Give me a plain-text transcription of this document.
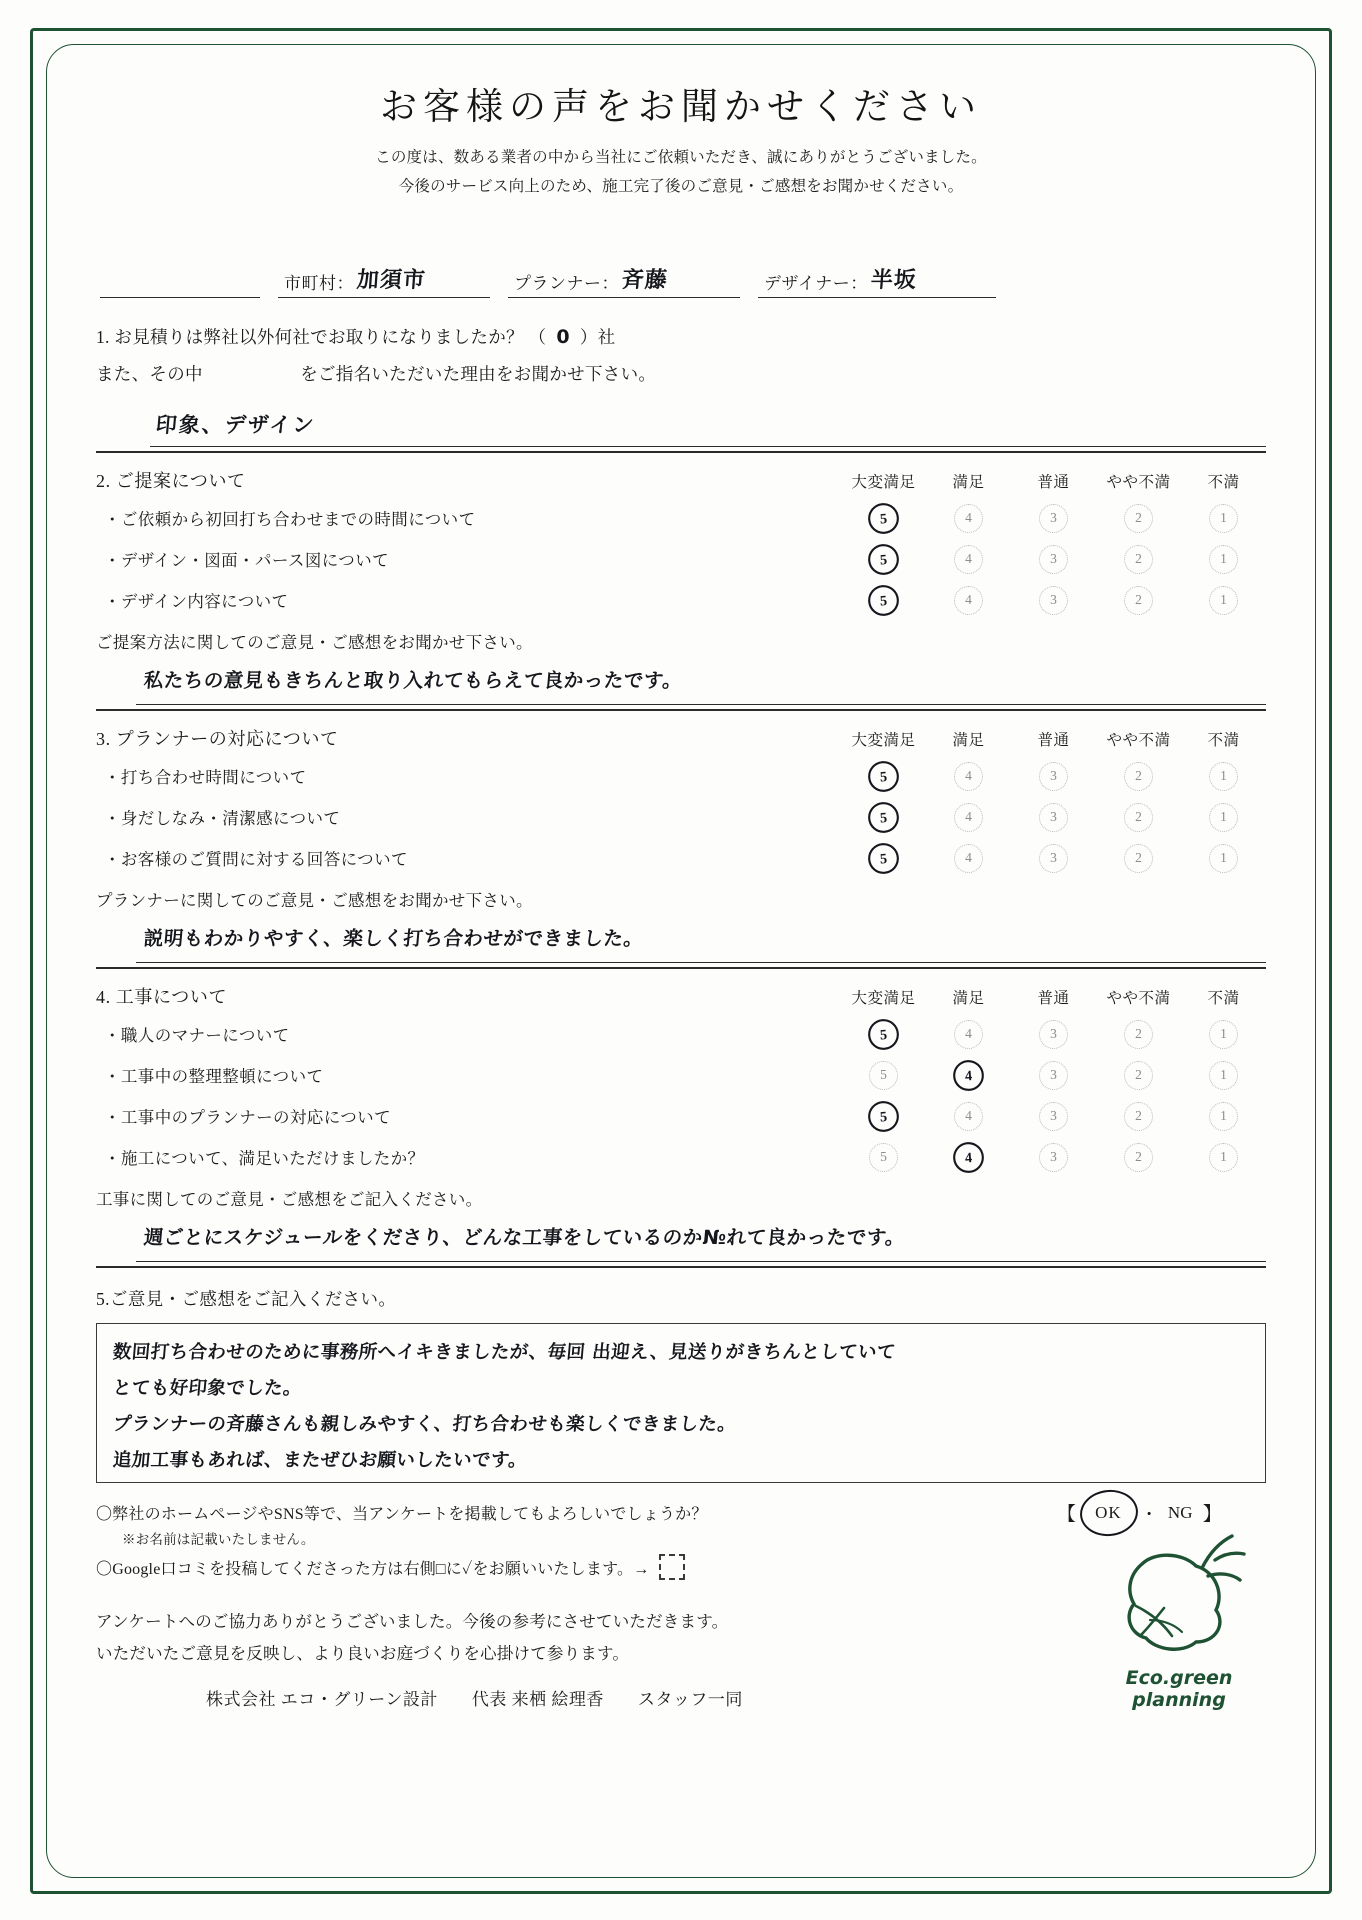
お客様の声をお聞かせください
この度は、数ある業者の中から当社にご依頼いただき、誠にありがとうございました。
今後のサービス向上のため、施工完了後のご意見・ご感想をお聞かせください。
市町村： 加須市	プランナー： 斉藤	デザイナー： 半坂
1. お見積りは弊社以外何社でお取りになりましたか？ （ 0 ）社
また、その中	をご指名いただいた理由をお聞かせ下さい。
印象、デザイン
2. ご提案について	大変満足	満足	普通	やや不満	不満
・ご依頼から初回打ち合わせまでの時間について	5	4	3	2	1
・デザイン・図面・パース図について	5	4	3	2	1
・デザイン内容について	5	4	3	2	1
ご提案方法に関してのご意見・ご感想をお聞かせ下さい。
私たちの意見もきちんと取り入れてもらえて良かったです。
3. プランナーの対応について	大変満足	満足	普通	やや不満	不満
・打ち合わせ時間について	5	4	3	2	1
・身だしなみ・清潔感について	5	4	3	2	1
・お客様のご質問に対する回答について	5	4	3	2	1
プランナーに関してのご意見・ご感想をお聞かせ下さい。
説明もわかりやすく、楽しく打ち合わせができました。
4. 工事について	大変満足	満足	普通	やや不満	不満
・職人のマナーについて	5	4	3	2	1
・工事中の整理整頓について	5	4	3	2	1
・工事中のプランナーの対応について	5	4	3	2	1
・施工について、満足いただけましたか？	5	4	3	2	1
工事に関してのご意見・ご感想をご記入ください。
週ごとにスケジュールをくださり、どんな工事をしているのか№れて良かったです。
5.ご意見・ご感想をご記入ください。

数回打ち合わせのために事務所へイキきましたが、毎回 出迎え、見送りがきちんとしていて

とても好印象でした。

プランナーの斉藤さんも親しみやすく、打ち合わせも楽しくできました。

追加工事もあれば、またぜひお願いしたいです。

〇弊社のホームページやSNS等で、当アンケートを掲載してもよろしいでしょうか？	【	OK	・ NG 】
※お名前は記載いたしません。
〇Google口コミを投稿してくださった方は右側□に✓をお願いいたします。→
アンケートへのご協力ありがとうございました。今後の参考にさせていただきます。
いただいたご意見を反映し、より良いお庭づくりを心掛けて参ります。
株式会社 エコ・グリーン設計 代表 来栖 絵理香 スタッフ一同
Eco.green
planning
